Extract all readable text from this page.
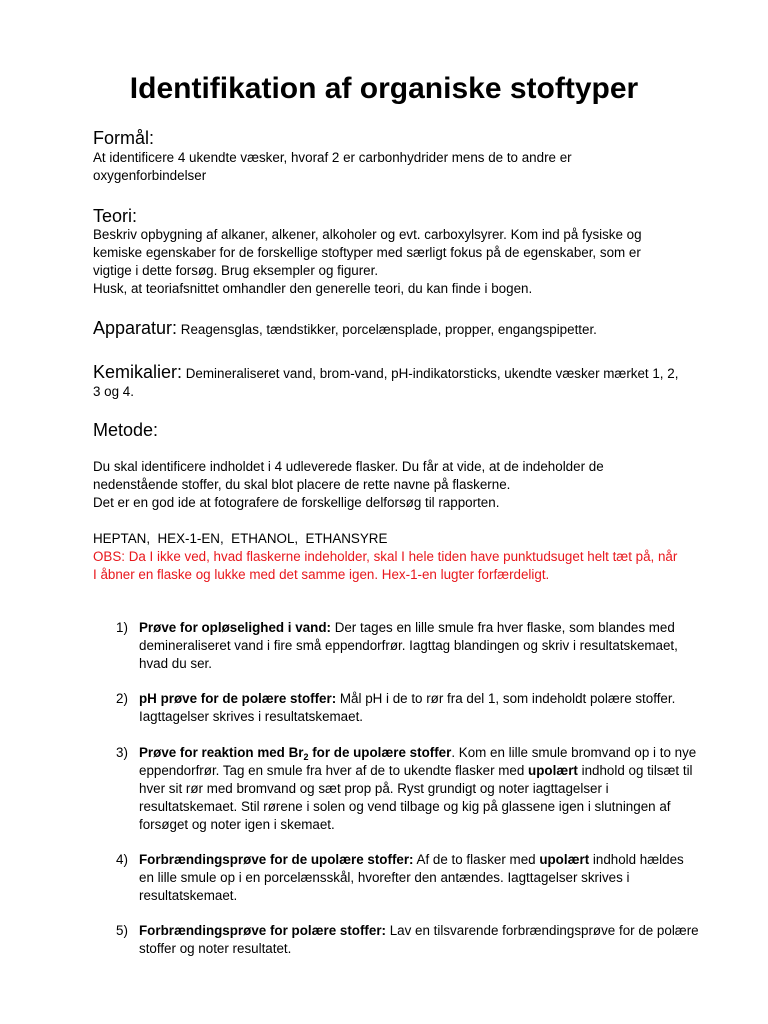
Identifikation af organiske stoftyper
Formål:
At identificere 4 ukendte væsker, hvoraf 2 er carbonhydrider mens de to andre er oxygenforbindelser
Teori:
Beskriv opbygning af alkaner, alkener, alkoholer og evt. carboxylsyrer. Kom ind på fysiske og kemiske egenskaber for de forskellige stoftyper med særligt fokus på de egenskaber, som er vigtige i dette forsøg. Brug eksempler og figurer.
Husk, at teoriafsnittet omhandler den generelle teori, du kan finde i bogen.
Apparatur: Reagensglas, tændstikker, porcelænsplade, propper, engangspipetter.
Kemikalier: Demineraliseret vand, brom-vand, pH-indikatorsticks, ukendte væsker mærket 1, 2, 3 og 4.
Metode:
Du skal identificere indholdet i 4 udleverede flasker. Du får at vide, at de indeholder de nedenstående stoffer, du skal blot placere de rette navne på flaskerne.
Det er en god ide at fotografere de forskellige delforsøg til rapporten.
HEPTAN,  HEX-1-EN,  ETHANOL,  ETHANSYRE
OBS: Da I ikke ved, hvad flaskerne indeholder, skal I hele tiden have punktudsuget helt tæt på, når I åbner en flaske og lukke med det samme igen. Hex-1-en lugter forfærdeligt.
1) Prøve for opløselighed i vand: Der tages en lille smule fra hver flaske, som blandes med demineraliseret vand i fire små eppendorfrør. Iagttag blandingen og skriv i resultatskemaet, hvad du ser.
2) pH prøve for de polære stoffer: Mål pH i de to rør fra del 1, som indeholdt polære stoffer. Iagttagelser skrives i resultatskemaet.
3) Prøve for reaktion med $Br_2$ for de upolære stoffer. Kom en lille smule bromvand op i to nye eppendorfrør. Tag en smule fra hver af de to ukendte flasker med upolært indhold og tilsæt til hver sit rør med bromvand og sæt prop på. Ryst grundigt og noter iagttagelser i resultatskemaet. Stil rørene i solen og vend tilbage og kig på glassene igen i slutningen af forsøget og noter igen i skemaet.
4) Forbrændingsprøve for de upolære stoffer: Af de to flasker med upolært indhold hældes en lille smule op i en porcelænsskål, hvorefter den antændes. Iagttagelser skrives i resultatskemaet.
5) Forbrændingsprøve for polære stoffer: Lav en tilsvarende forbrændingsprøve for de polære stoffer og noter resultatet.
